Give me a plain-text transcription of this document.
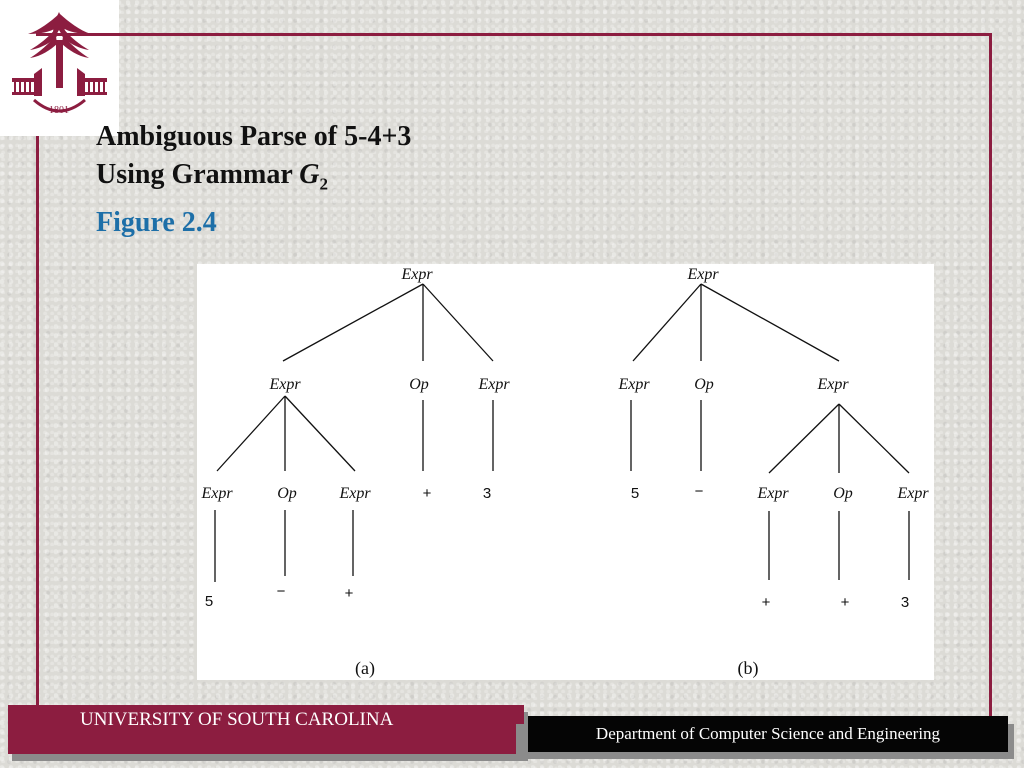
1801
Ambiguous Parse of 5-4+3
Using Grammar $G_2$
Figure 2.4
Expr
Expr	Op	Expr
Expr	Op	Expr	+	3
5
−	+
(a)
Expr
Expr	Op	Expr
5	−	Expr	Op	Expr
+	+	3
(b)
UNIVERSITY OF SOUTH CAROLINA
Department of Computer Science and Engineering
